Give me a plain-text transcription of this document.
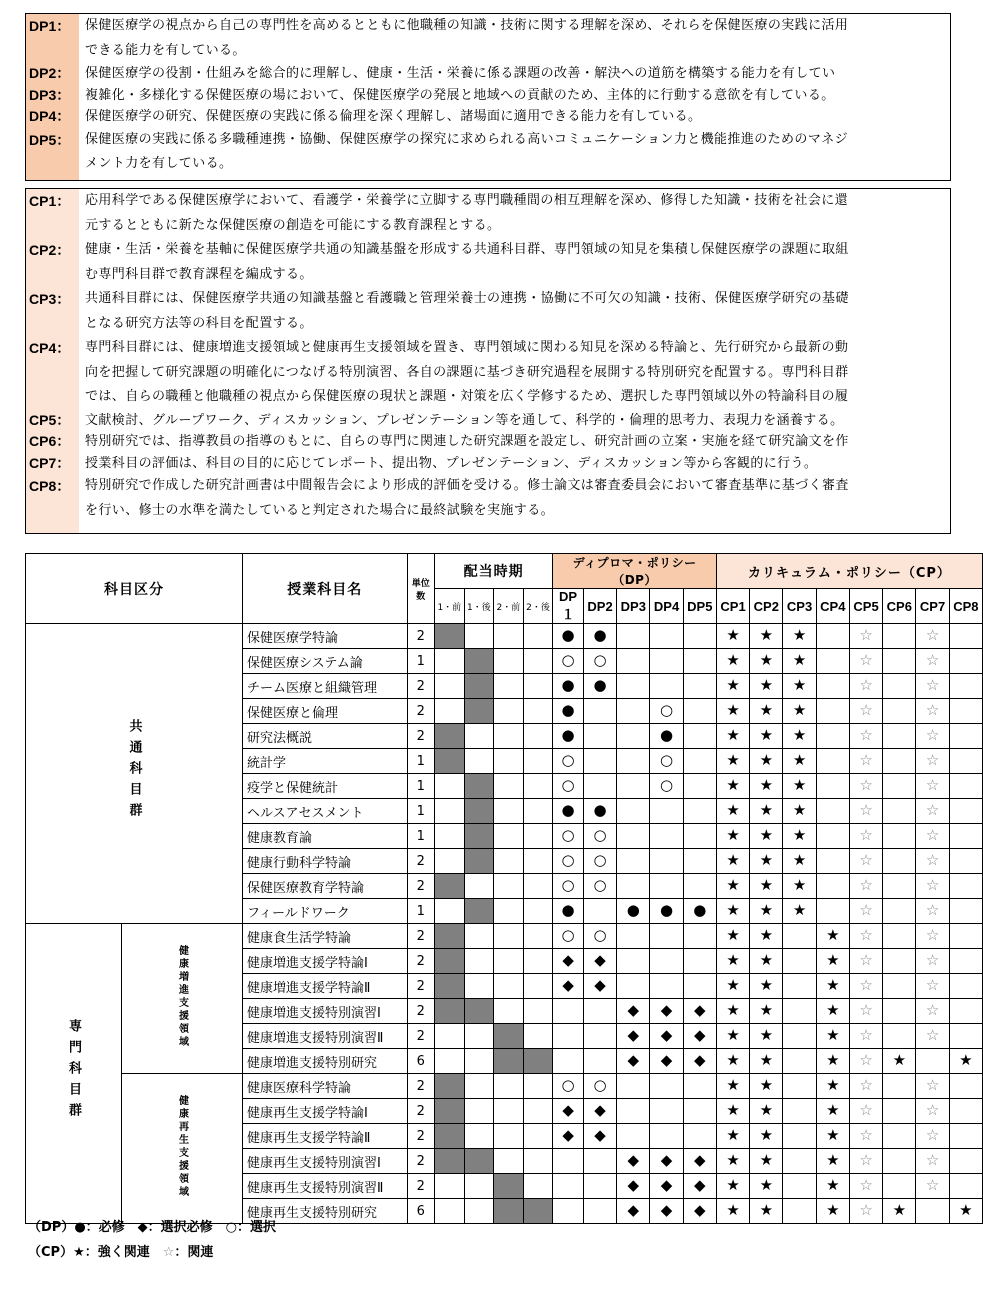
DP1：	保健医療学の視点から自己の専門性を高めるとともに他職種の知識・技術に関する理解を深め、それらを保健医療の実践に活用
できる能力を有している。
DP2：	保健医療学の役割・仕組みを総合的に理解し、健康・生活・栄養に係る課題の改善・解決への道筋を構築する能力を有してい
DP3：	複雑化・多様化する保健医療の場において、保健医療学の発展と地域への貢献のため、主体的に行動する意欲を有している。
DP4：	保健医療学の研究、保健医療の実践に係る倫理を深く理解し、諸場面に適用できる能力を有している。
DP5：	保健医療の実践に係る多職種連携・協働、保健医療学の探究に求められる高いコミュニケーション力と機能推進のためのマネジ
メント力を有している。
CP1：	応用科学である保健医療学において、看護学・栄養学に立脚する専門職種間の相互理解を深め、修得した知識・技術を社会に還
元するとともに新たな保健医療の創造を可能にする教育課程とする。
CP2：	健康・生活・栄養を基軸に保健医療学共通の知識基盤を形成する共通科目群、専門領域の知見を集積し保健医療学の課題に取組
む専門科目群で教育課程を編成する。
CP3：	共通科目群には、保健医療学共通の知識基盤と看護職と管理栄養士の連携・協働に不可欠の知識・技術、保健医療学研究の基礎
となる研究方法等の科目を配置する。
CP4：	専門科目群には、健康増進支援領域と健康再生支援領域を置き、専門領域に関わる知見を深める特論と、先行研究から最新の動
向を把握して研究課題の明確化につなげる特別演習、各自の課題に基づき研究過程を展開する特別研究を配置する。専門科目群
では、自らの職種と他職種の視点から保健医療の現状と課題・対策を広く学修するため、選択した専門領域以外の特論科目の履
CP5：	文献検討、グループワーク、ディスカッション、プレゼンテーション等を通して、科学的・倫理的思考力、表現力を涵養する。
CP6：	特別研究では、指導教員の指導のもとに、自らの専門に関連した研究課題を設定し、研究計画の立案・実施を経て研究論文を作
CP7：	授業科目の評価は、科目の目的に応じてレポート、提出物、プレゼンテーション、ディスカッション等から客観的に行う。
CP8：	特別研究で作成した研究計画書は中間報告会により形成的評価を受ける。修士論文は審査委員会において審査基準に基づく審査
を行い、修士の水準を満たしていると判定された場合に最終試験を実施する。
科目区分		授業科目名	単位数	配当時期				ディプロマ・ポリシー（DP）					カリキュラム・ポリシー（CP）							
				1・前	1・後	2・前	2・後	DP１	DP2	DP3	DP4	DP5	CP1	CP2	CP3	CP4	CP5	CP6	CP7	CP8
共通科目群		保健医療学特論	2					●	●				★	★	★		☆		☆	
		保健医療システム論	1					○	○				★	★	★		☆		☆	
		チーム医療と組織管理	2					●	●				★	★	★		☆		☆	
		保健医療と倫理	2					●			○		★	★	★		☆		☆	
		研究法概説	2					●			●		★	★	★		☆		☆	
		統計学	1					○			○		★	★	★		☆		☆	
		疫学と保健統計	1					○			○		★	★	★		☆		☆	
		ヘルスアセスメント	1					●	●				★	★	★		☆		☆	
		健康教育論	1					○	○				★	★	★		☆		☆	
		健康行動科学特論	2					○	○				★	★	★		☆		☆	
		保健医療教育学特論	2					○	○				★	★	★		☆		☆	
		フィールドワーク	1					●		●	●	●	★	★	★		☆		☆	
専門科目群	健康増進支援領域	健康食生活学特論	2					○	○				★	★		★	☆		☆	
		健康増進支援学特論Ⅰ	2					◆	◆				★	★		★	☆		☆	
		健康増進支援学特論Ⅱ	2					◆	◆				★	★		★	☆		☆	
		健康増進支援特別演習Ⅰ	2							◆	◆	◆	★	★		★	☆		☆	
		健康増進支援特別演習Ⅱ	2							◆	◆	◆	★	★		★	☆		☆	
		健康増進支援特別研究	6							◆	◆	◆	★	★		★	☆	★		★
	健康再生支援領域	健康医療科学特論	2					○	○				★	★		★	☆		☆	
		健康再生支援学特論Ⅰ	2					◆	◆				★	★		★	☆		☆	
		健康再生支援学特論Ⅱ	2					◆	◆				★	★		★	☆		☆	
		健康再生支援特別演習Ⅰ	2							◆	◆	◆	★	★		★	☆		☆	
		健康再生支援特別演習Ⅱ	2							◆	◆	◆	★	★		★	☆		☆	
		健康再生支援特別研究	6							◆	◆	◆	★	★		★	☆	★		★
（DP）●：必修　◆：選択必修　○：選択
（CP）★：強く関連　☆：関連
